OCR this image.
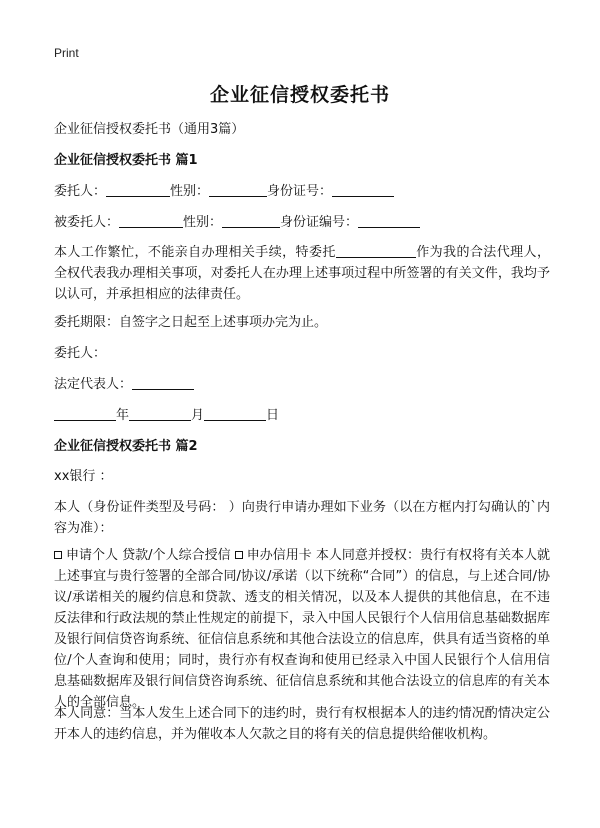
Print
企业征信授权委托书
企业征信授权委托书（通用3篇）
企业征信授权委托书 篇1
委托人：	性别：	身份证号：
被委托人：	性别：	身份证编号：
本人工作繁忙，不能亲自办理相关手续，特委托	作为我的合法代理人，全权代表我办理相关事项，对委托人在办理上述事项过程中所签署的有关文件，我均予以认可，并承担相应的法律责任。
委托期限：自签字之日起至上述事项办完为止。
委托人：
法定代表人：
年	月	日
企业征信授权委托书 篇2
xx银行 ：
本人（身份证件类型及号码： ）向贵行申请办理如下业务（以在方框内打勾确认的`内容为准）：
申请个人 贷款/个人综合授信 申办信用卡 本人同意并授权：贵行有权将有关本人就上述事宜与贵行签署的全部合同/协议/承诺（以下统称“合同”）的信息，与上述合同/协议/承诺相关的履约信息和贷款、透支的相关情况，以及本人提供的其他信息，在不违反法律和行政法规的禁止性规定的前提下，录入中国人民银行个人信用信息基础数据库及银行间信贷咨询系统、征信信息系统和其他合法设立的信息库，供具有适当资格的单位/个人查询和使用；同时，贵行亦有权查询和使用已经录入中国人民银行个人信用信息基础数据库及银行间信贷咨询系统、征信信息系统和其他合法设立的信息库的有关本人的全部信息。
本人同意：当本人发生上述合同下的违约时，贵行有权根据本人的违约情况酌情决定公开本人的违约信息，并为催收本人欠款之目的将有关的信息提供给催收机构。
